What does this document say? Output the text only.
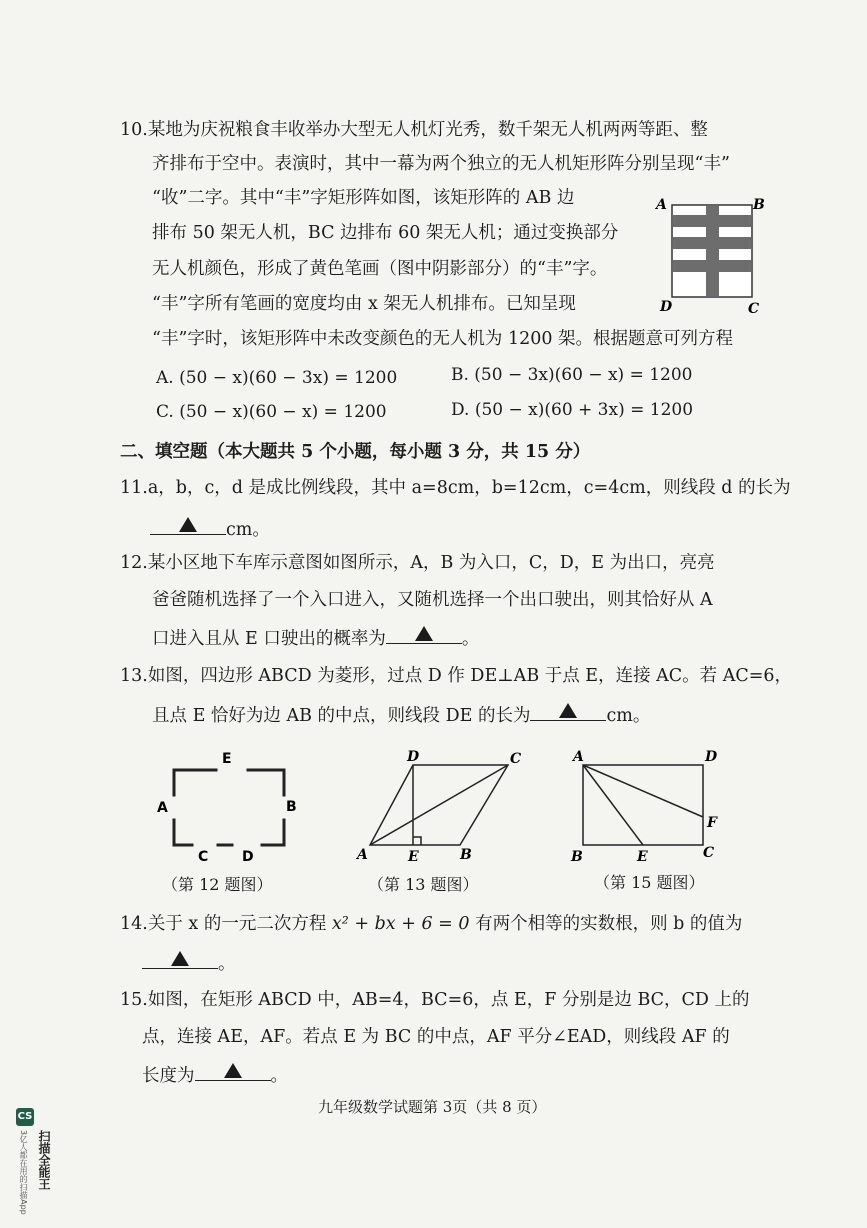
10.某地为庆祝粮食丰收举办大型无人机灯光秀，数千架无人机两两等距、整
齐排布于空中。表演时，其中一幕为两个独立的无人机矩形阵分别呈现“丰”
“收”二字。其中“丰”字矩形阵如图，该矩形阵的 AB 边
排布 50 架无人机，BC 边排布 60 架无人机；通过变换部分
无人机颜色，形成了黄色笔画（图中阴影部分）的“丰”字。
“丰”字所有笔画的宽度均由 x 架无人机排布。已知呈现
“丰”字时，该矩形阵中未改变颜色的无人机为 1200 架。根据题意可列方程
A	B
D	C
A. (50 − x)(60 − 3x) = 1200	B. (50 − 3x)(60 − x) = 1200
C. (50 − x)(60 − x) = 1200	D. (50 − x)(60 + 3x) = 1200
二、填空题（本大题共 5 个小题，每小题 3 分，共 15 分）
11.a，b，c，d 是成比例线段，其中 a=8cm，b=12cm，c=4cm，则线段 d 的长为
cm。
12.某小区地下车库示意图如图所示，A，B 为入口，C，D，E 为出口，亮亮
爸爸随机选择了一个入口进入，又随机选择一个出口驶出，则其恰好从 A
口进入且从 E 口驶出的概率为	。
13.如图，四边形 ABCD 为菱形，过点 D 作 DE⊥AB 于点 E，连接 AC。若 AC=6，
且点 E 恰好为边 AB 的中点，则线段 DE 的长为	cm。
E
A	B
C D
（第 12 题图）
D	C
A	E	B
（第 13 题图）
A	D
F
B	E	C
（第 15 题图）
14.关于 x 的一元二次方程 x² + bx + 6 = 0 有两个相等的实数根，则 b 的值为
。
15.如图，在矩形 ABCD 中，AB=4，BC=6，点 E，F 分别是边 BC，CD 上的
点，连接 AE，AF。若点 E 为 BC 的中点，AF 平分∠EAD，则线段 AF 的
长度为	。
九年级数学试题第 3页（共 8 页）
CS
扫描全能王
3亿人都在用的扫描App
